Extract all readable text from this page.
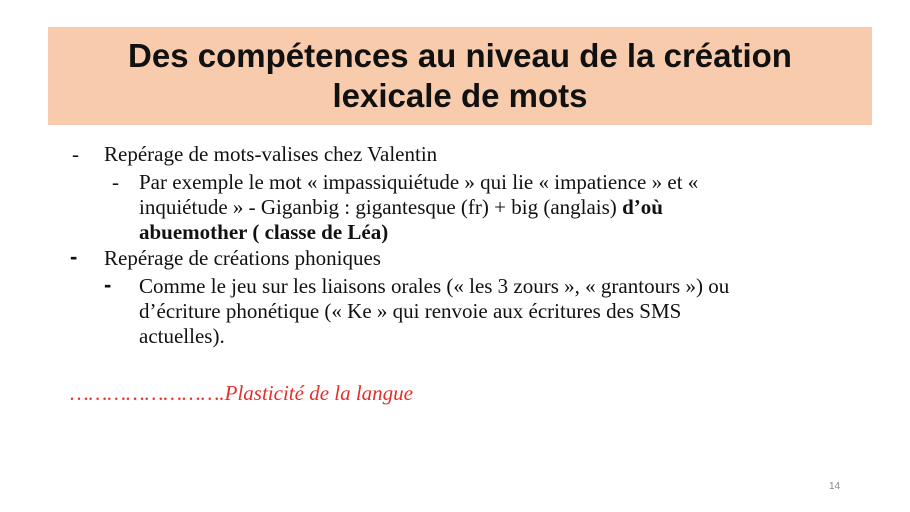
Des compétences au niveau de la création
lexicale de mots
- Repérage de mots-valises chez Valentin
- Par exemple le mot « impassiquiétude » qui lie « impatience » et «
inquiétude » - Giganbig : gigantesque (fr) + big (anglais) d’où
abuemother ( classe de Léa)
- Repérage de créations phoniques
- Comme le jeu sur les liaisons orales (« les 3 zours », « grantours ») ou
d’écriture phonétique (« Ke » qui renvoie aux écritures des SMS
actuelles).
…………………….Plasticité de la langue
14
